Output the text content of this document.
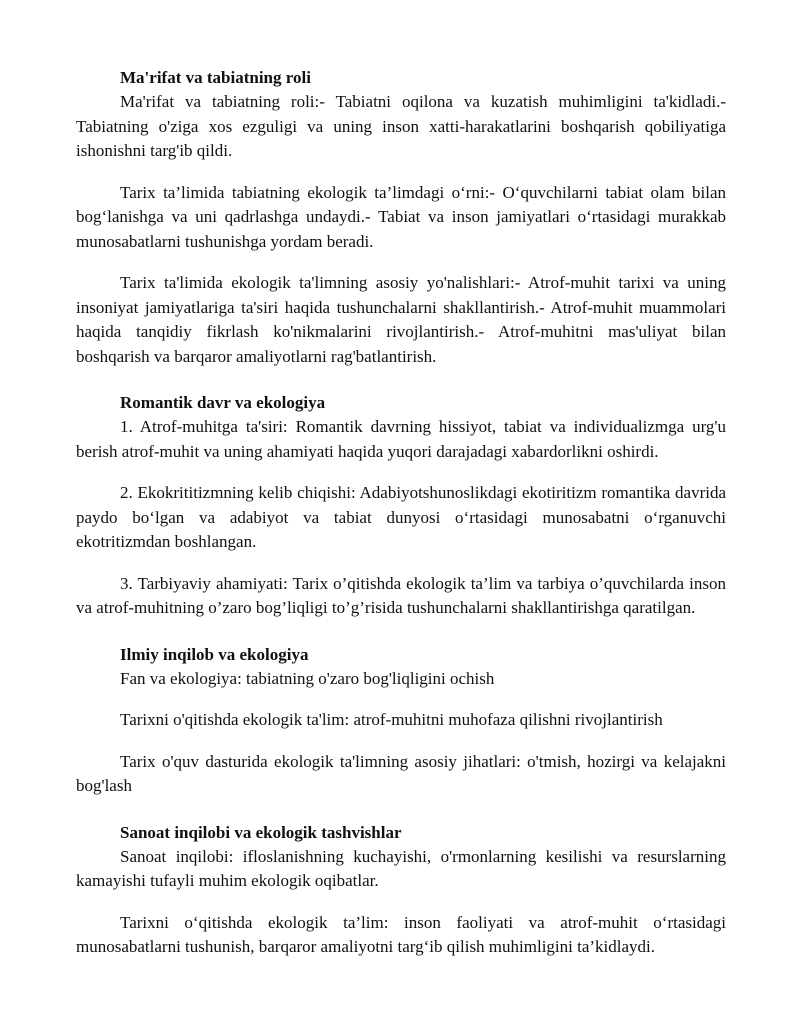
Ma'rifat va tabiatning roli

Ma'rifat va tabiatning roli:- Tabiatni oqilona va kuzatish muhimligini ta'kidladi.- Tabiatning o'ziga xos ezguligi va uning inson xatti-harakatlarini boshqarish qobiliyatiga ishonishni targ'ib qildi.

Tarix ta’limida tabiatning ekologik ta’limdagi o‘rni:- O‘quvchilarni tabiat olam bilan bog‘lanishga va uni qadrlashga undaydi.- Tabiat va inson jamiyatlari o‘rtasidagi murakkab munosabatlarni tushunishga yordam beradi.

Tarix ta'limida ekologik ta'limning asosiy yo'nalishlari:- Atrof-muhit tarixi va uning insoniyat jamiyatlariga ta'siri haqida tushunchalarni shakllantirish.- Atrof-muhit muammolari haqida tanqidiy fikrlash ko'nikmalarini rivojlantirish.- Atrof-muhitni mas'uliyat bilan boshqarish va barqaror amaliyotlarni rag'batlantirish.

Romantik davr va ekologiya

1. Atrof-muhitga ta'siri: Romantik davrning hissiyot, tabiat va individualizmga urg'u berish atrof-muhit va uning ahamiyati haqida yuqori darajadagi xabardorlikni oshirdi.

2. Ekokrititizmning kelib chiqishi: Adabiyotshunoslikdagi ekotiritizm romantika davrida paydo bo‘lgan va adabiyot va tabiat dunyosi o‘rtasidagi munosabatni o‘rganuvchi ekotritizmdan boshlangan.

3. Tarbiyaviy ahamiyati: Tarix o’qitishda ekologik ta’lim va tarbiya o’quvchilarda inson va atrof-muhitning o’zaro bog’liqligi to’g’risida tushunchalarni shakllantirishga qaratilgan.

Ilmiy inqilob va ekologiya

Fan va ekologiya: tabiatning o'zaro bog'liqligini ochish

Tarixni o'qitishda ekologik ta'lim: atrof-muhitni muhofaza qilishni rivojlantirish

Tarix o'quv dasturida ekologik ta'limning asosiy jihatlari: o'tmish, hozirgi va kelajakni bog'lash

Sanoat inqilobi va ekologik tashvishlar

Sanoat inqilobi: ifloslanishning kuchayishi, o'rmonlarning kesilishi va resurslarning kamayishi tufayli muhim ekologik oqibatlar.

Tarixni o‘qitishda ekologik ta’lim: inson faoliyati va atrof-muhit o‘rtasidagi munosabatlarni tushunish, barqaror amaliyotni targ‘ib qilish muhimligini ta’kidlaydi.
